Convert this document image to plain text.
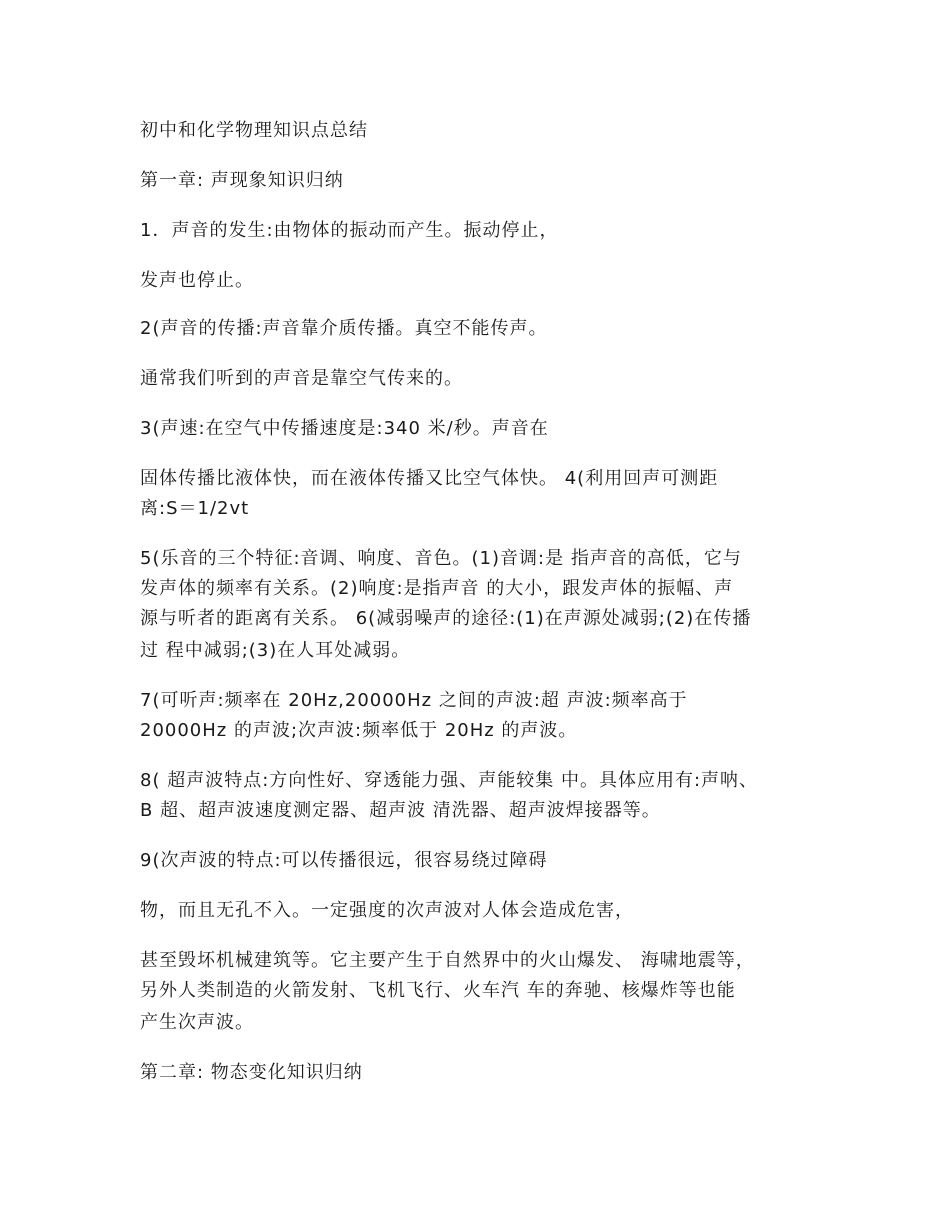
初中和化学物理知识点总结

第一章: 声现象知识归纳

1．声音的发生:由物体的振动而产生。振动停止，

发声也停止。

2(声音的传播:声音靠介质传播。真空不能传声。

通常我们听到的声音是靠空气传来的。

3(声速:在空气中传播速度是:340 米/秒。声音在

固体传播比液体快，而在液体传播又比空气体快。 4(利用回声可测距

离:S＝1/2vt

5(乐音的三个特征:音调、响度、音色。(1)音调:是 指声音的高低，它与

发声体的频率有关系。(2)响度:是指声音 的大小，跟发声体的振幅、声

源与听者的距离有关系。 6(减弱噪声的途径:(1)在声源处减弱;(2)在传播

过 程中减弱;(3)在人耳处减弱。

7(可听声:频率在 20Hz,20000Hz 之间的声波:超 声波:频率高于

20000Hz 的声波;次声波:频率低于 20Hz 的声波。

8( 超声波特点:方向性好、穿透能力强、声能较集 中。具体应用有:声呐、

B 超、超声波速度测定器、超声波 清洗器、超声波焊接器等。

9(次声波的特点:可以传播很远，很容易绕过障碍

物，而且无孔不入。一定强度的次声波对人体会造成危害，

甚至毁坏机械建筑等。它主要产生于自然界中的火山爆发、 海啸地震等，

另外人类制造的火箭发射、飞机飞行、火车汽 车的奔驰、核爆炸等也能

产生次声波。

第二章: 物态变化知识归纳
